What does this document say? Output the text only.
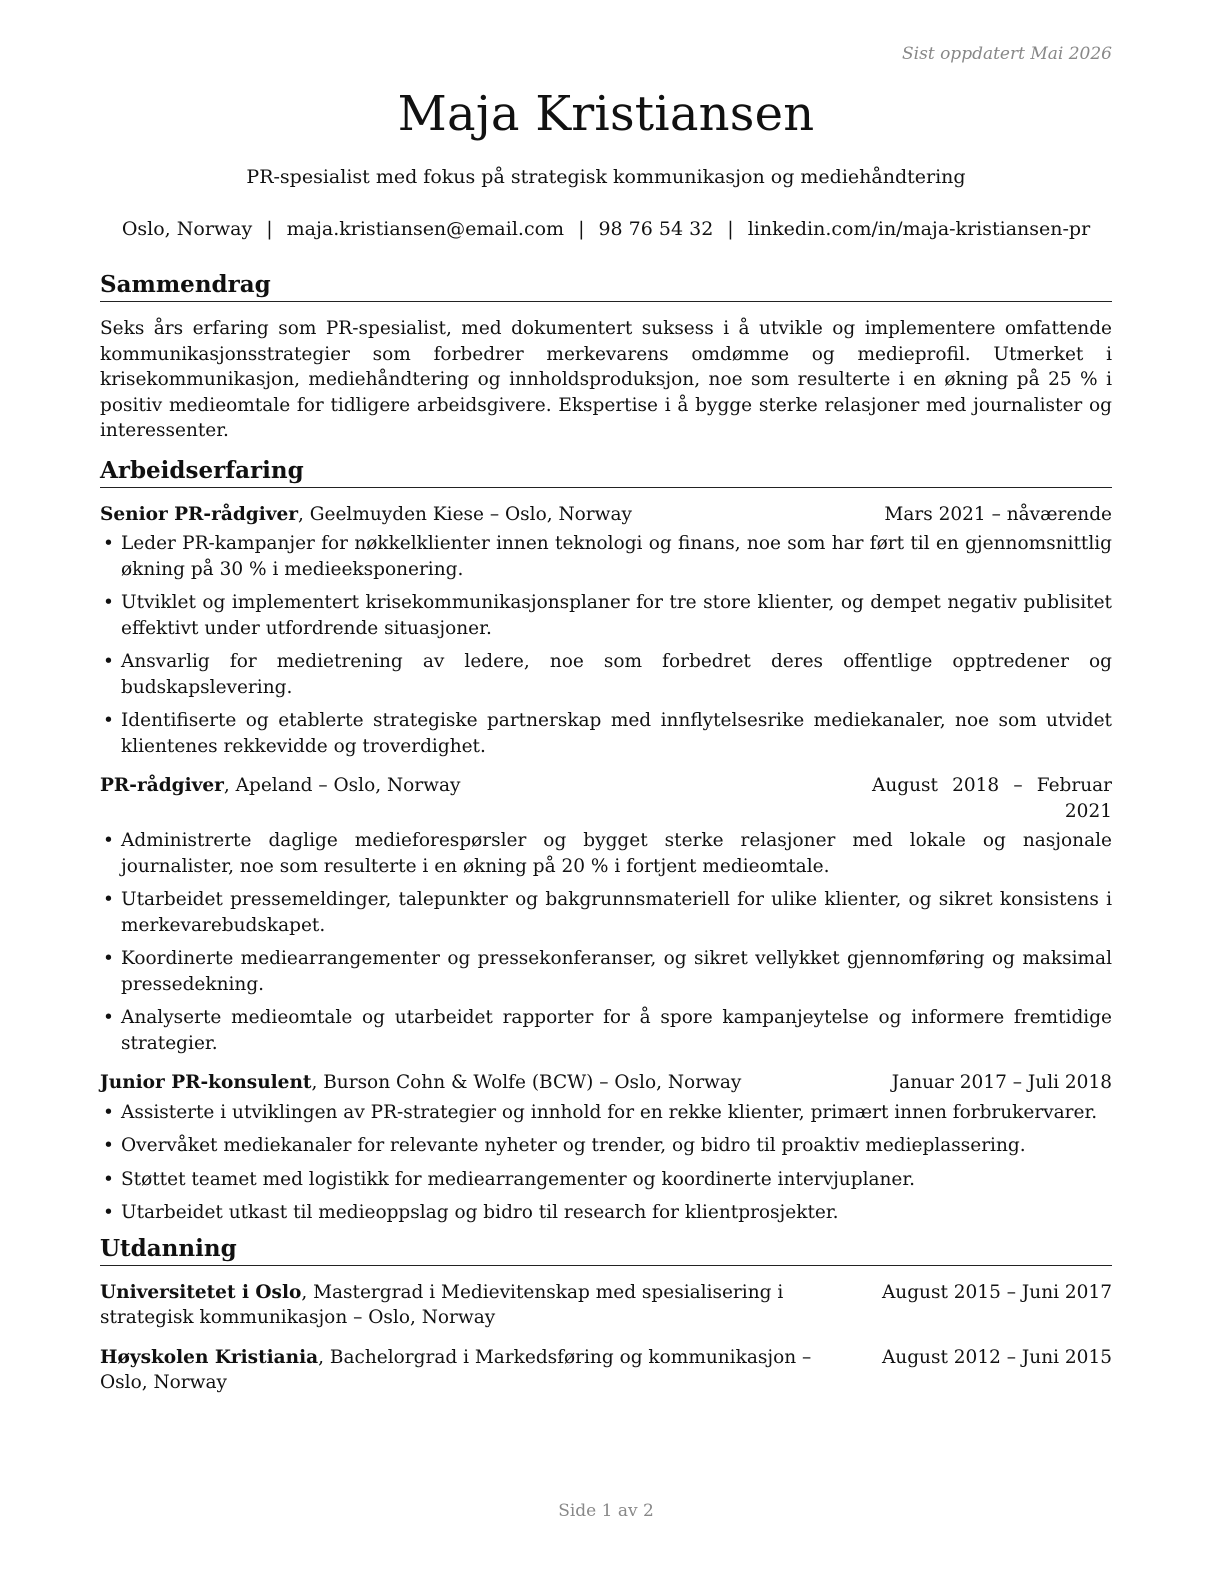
Sist oppdatert Mai 2026
Maja Kristiansen
PR-spesialist med fokus på strategisk kommunikasjon og mediehåndtering
Oslo, Norway | maja.kristiansen@email.com | 98 76 54 32 | linkedin.com/in/maja-kristiansen-pr
Sammendrag

Seks års erfaring som PR-spesialist, med dokumentert suksess i å utvikle og implementere omfattende kommunikasjonsstrategier som forbedrer merkevarens omdømme og medieprofil. Utmerket i krisekommunikasjon, mediehåndtering og innholdsproduksjon, noe som resulterte i en økning på 25 % i positiv medieomtale for tidligere arbeidsgivere. Ekspertise i å bygge sterke relasjoner med journalister og interessenter.

Arbeidserfaring
Senior PR-rådgiver, Geelmuyden Kiese – Oslo, Norway	Mars 2021 – nåværende
• Leder PR-kampanjer for nøkkelklienter innen teknologi og finans, noe som har ført til en gjennomsnittlig økning på 30 % i medieeksponering.
• Utviklet og implementert krisekommunikasjonsplaner for tre store klienter, og dempet negativ publisitet effektivt under utfordrende situasjoner.
• Ansvarlig for medietrening av ledere, noe som forbedret deres offentlige opptredener og budskapslevering.
• Identifiserte og etablerte strategiske partnerskap med innflytelsesrike mediekanaler, noe som utvidet klientenes rekkevidde og troverdighet.
PR-rådgiver, Apeland – Oslo, Norway	August 2018 – Februar 2021
• Administrerte daglige medieforespørsler og bygget sterke relasjoner med lokale og nasjonale journalister, noe som resulterte i en økning på 20 % i fortjent medieomtale.
• Utarbeidet pressemeldinger, talepunkter og bakgrunnsmateriell for ulike klienter, og sikret konsistens i merkevarebudskapet.
• Koordinerte mediearrangementer og pressekonferanser, og sikret vellykket gjennomføring og maksimal pressedekning.
• Analyserte medieomtale og utarbeidet rapporter for å spore kampanjeytelse og informere fremtidige strategier.
Junior PR-konsulent, Burson Cohn & Wolfe (BCW) – Oslo, Norway	Januar 2017 – Juli 2018
• Assisterte i utviklingen av PR-strategier og innhold for en rekke klienter, primært innen forbrukervarer.
• Overvåket mediekanaler for relevante nyheter og trender, og bidro til proaktiv medieplassering.
• Støttet teamet med logistikk for mediearrangementer og koordinerte intervjuplaner.
• Utarbeidet utkast til medieoppslag og bidro til research for klientprosjekter.
Utdanning
Universitetet i Oslo, Mastergrad i Medievitenskap med spesialisering i strategisk kommunikasjon – Oslo, Norway
August 2015 – Juni 2017
Høyskolen Kristiania, Bachelorgrad i Markedsføring og kommunikasjon – Oslo, Norway
August 2012 – Juni 2015
Side 1 av 2
